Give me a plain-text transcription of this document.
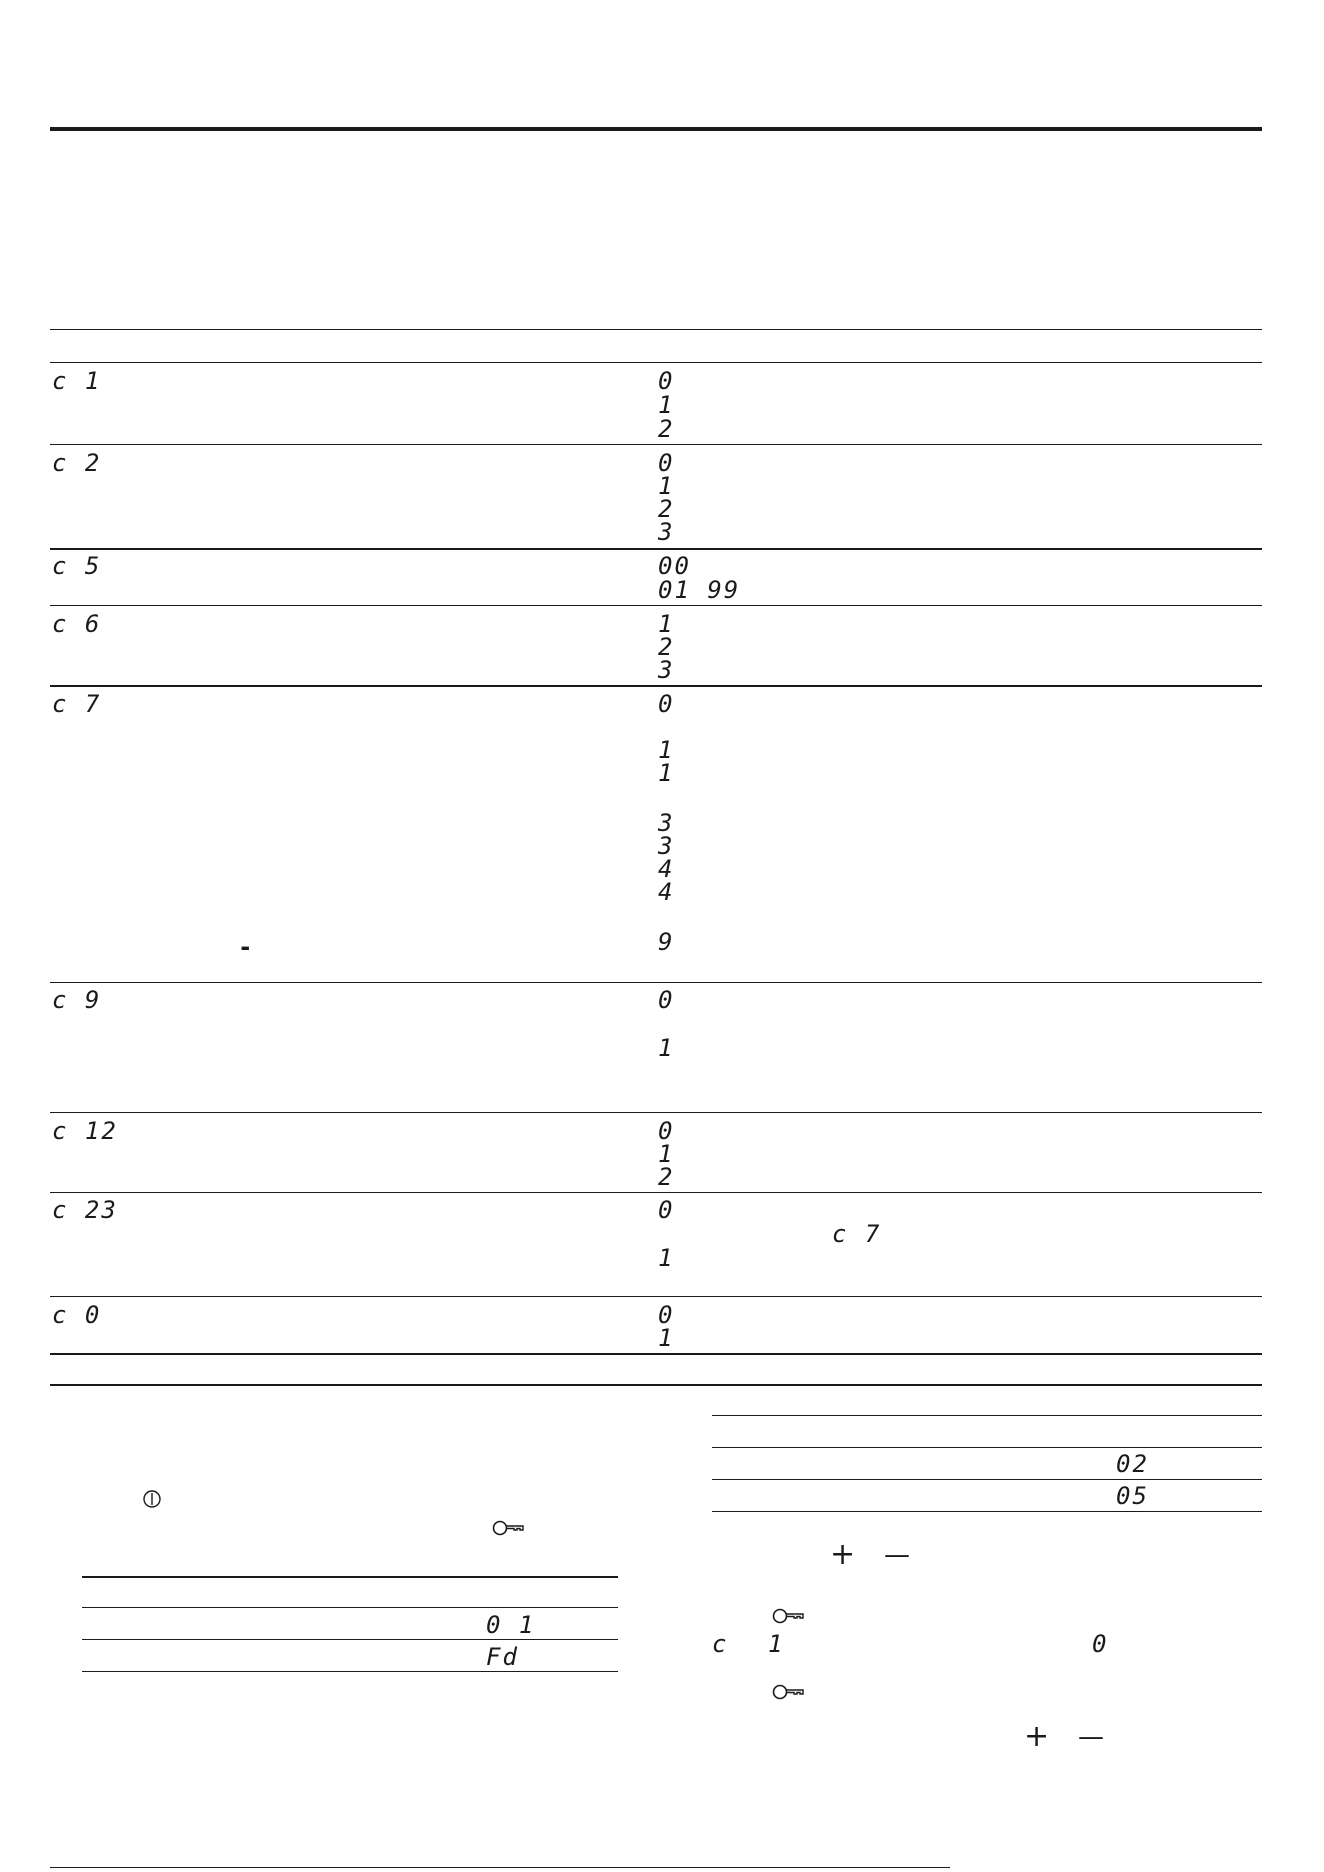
c 1	0
1
2
c 2	0
1
2
3
c 5	00
01 99
c 6	1
2
3
c 7	0
1
1
3
3
4
4
9
-
c 9	0
1
c 12	0
1
2
c 23	0
c 7
1
c 0	0
1
0 1
Fd
02
05
+ —
c 1	0
+ —
